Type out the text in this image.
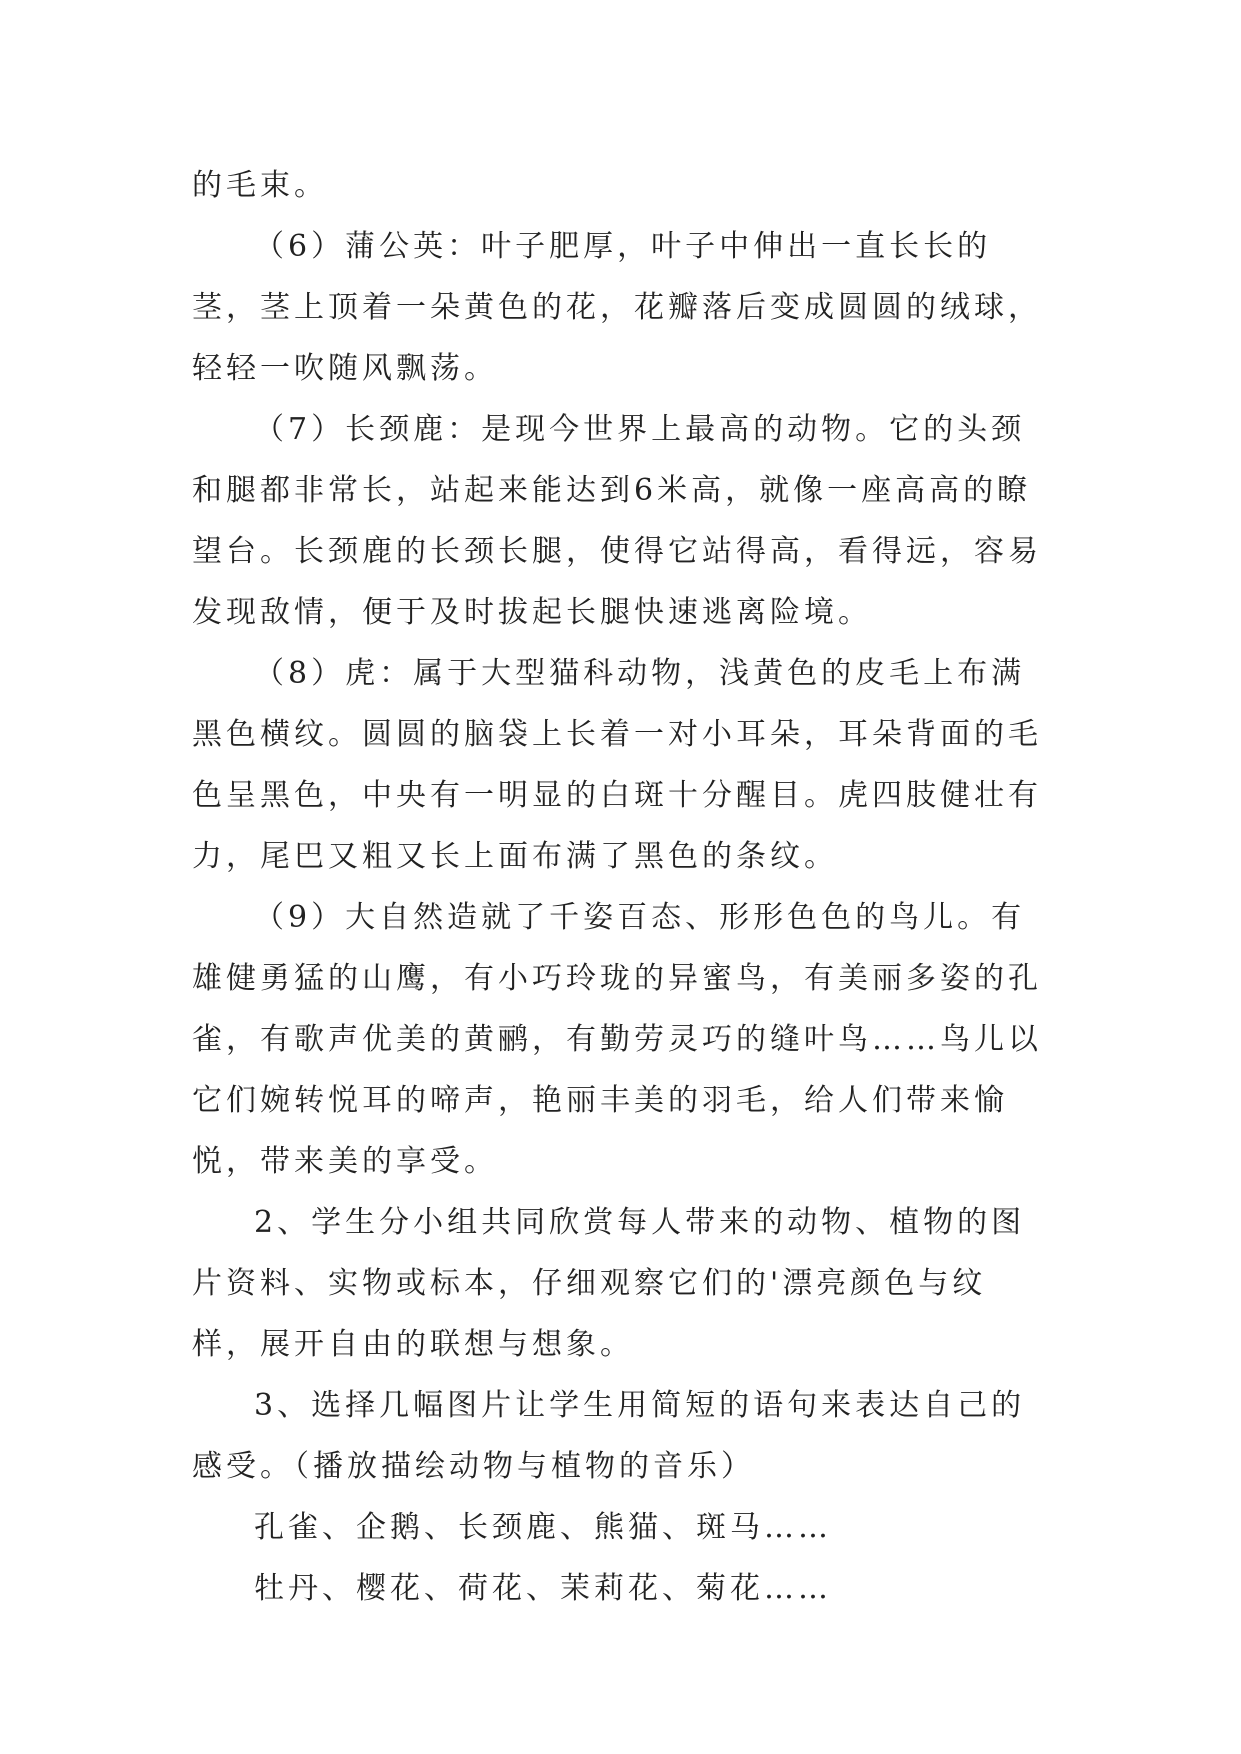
的毛束。

（6）蒲公英：叶子肥厚，叶子中伸出一直长长的茎，茎上顶着一朵黄色的花，花瓣落后变成圆圆的绒球，轻轻一吹随风飘荡。

（7）长颈鹿：是现今世界上最高的动物。它的头颈和腿都非常长，站起来能达到6米高，就像一座高高的瞭望台。长颈鹿的长颈长腿，使得它站得高，看得远，容易发现敌情，便于及时拔起长腿快速逃离险境。

（8）虎：属于大型猫科动物，浅黄色的皮毛上布满黑色横纹。圆圆的脑袋上长着一对小耳朵，耳朵背面的毛色呈黑色，中央有一明显的白斑十分醒目。虎四肢健壮有力，尾巴又粗又长上面布满了黑色的条纹。

（9）大自然造就了千姿百态、形形色色的鸟儿。有雄健勇猛的山鹰，有小巧玲珑的异蜜鸟，有美丽多姿的孔雀，有歌声优美的黄鹂，有勤劳灵巧的缝叶鸟……鸟儿以它们婉转悦耳的啼声，艳丽丰美的羽毛，给人们带来愉悦，带来美的享受。

2、学生分小组共同欣赏每人带来的动物、植物的图片资料、实物或标本，仔细观察它们的'漂亮颜色与纹样，展开自由的联想与想象。

3、选择几幅图片让学生用简短的语句来表达自己的感受。（播放描绘动物与植物的音乐）

孔雀、企鹅、长颈鹿、熊猫、斑马……

牡丹、樱花、荷花、茉莉花、菊花……
